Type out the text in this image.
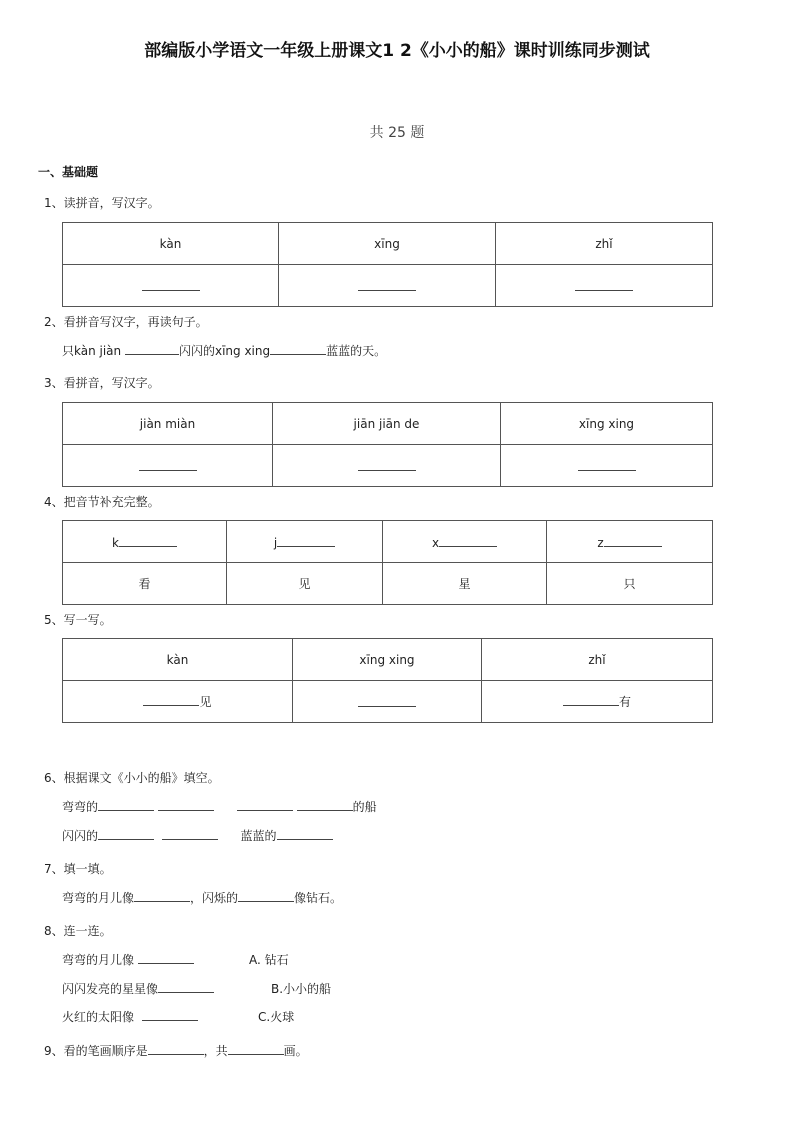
部编版小学语文一年级上册课文1 2《小小的船》课时训练同步测试
共 25 题
一、基础题
1、读拼音，写汉字。
kàn	xīng	zhǐ

2、看拼音写汉字，再读句子。
只kàn jiàn	闪闪的xīng xing	蓝蓝的天。
3、看拼音，写汉字。
jiàn miàn	jiān jiān de	xīng xing

4、把音节补充完整。
k	j	x	z
看	见	星	只
5、写一写。
kàn	xīng xing	zhǐ
见		有
6、根据课文《小小的船》填空。
弯弯的	的船
闪闪的	蓝蓝的
7、填一填。
弯弯的月儿像	，闪烁的	像钻石。
8、连一连。
弯弯的月儿像
闪闪发亮的星星像
火红的太阳像
A. 钻石
B.小小的船
C.火球
9、看的笔画顺序是	，共	画。
